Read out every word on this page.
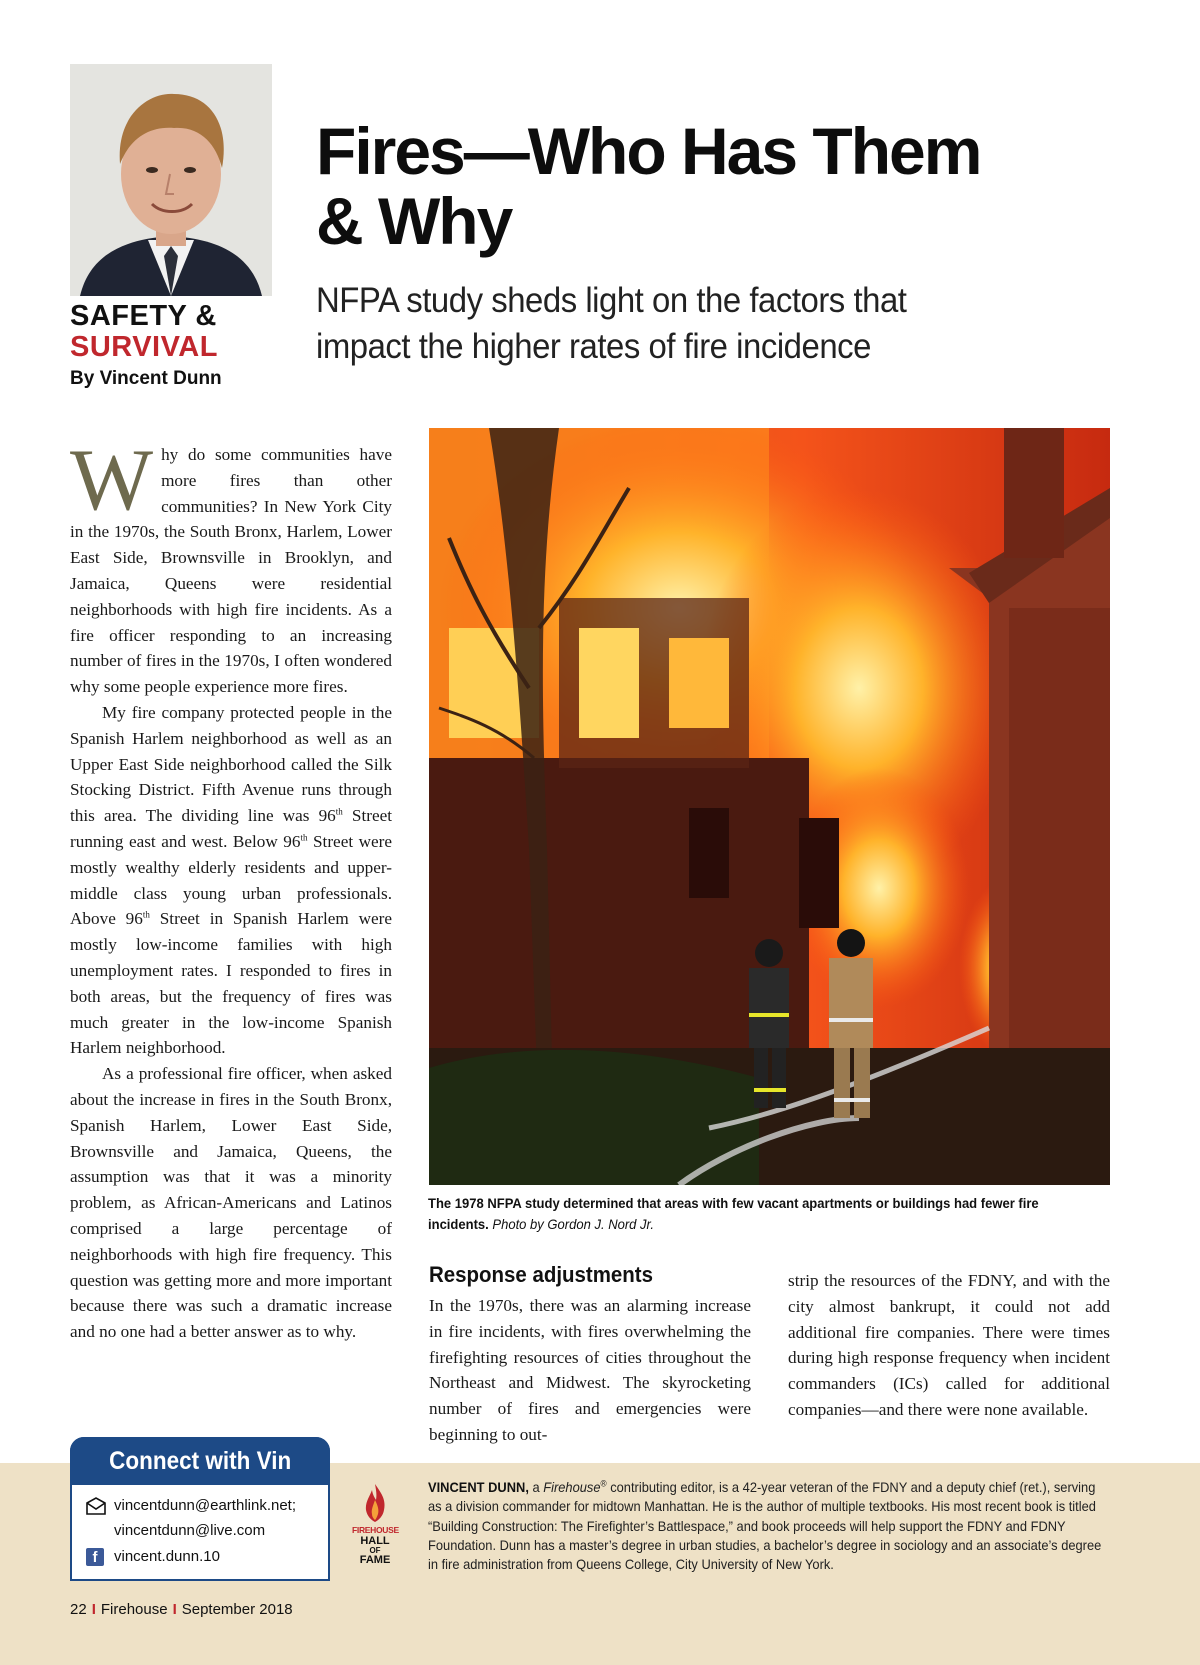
SAFETY &
SURVIVAL
By Vincent Dunn
Fires—Who Has Them
& Why

NFPA study sheds light on the factors that
impact the higher rates of fire incidence

Why do some communities have more fires than other communities? In New York City in the 1970s, the South Bronx, Harlem, Lower East Side, Brownsville in Brooklyn, and Jamaica, Queens were residential neighborhoods with high fire incidents. As a fire officer responding to an increasing number of fires in the 1970s, I often wondered why some people experience more fires.

My fire company protected people in the Spanish Harlem neighborhood as well as an Upper East Side neighborhood called the Silk Stocking District. Fifth Avenue runs through this area. The dividing line was 96th Street running east and west. Below 96th Street were mostly wealthy elderly residents and upper-middle class young urban professionals. Above 96th Street in Spanish Harlem were mostly low-income families with high unemployment rates. I responded to fires in both areas, but the frequency of fires was much greater in the low-income Spanish Harlem neighborhood.

As a professional fire officer, when asked about the increase in fires in the South Bronx, Spanish Harlem, Lower East Side, Brownsville and Jamaica, Queens, the assumption was that it was a minority problem, as African-Americans and Latinos comprised a large percentage of neighborhoods with high fire frequency. This question was getting more and more important because there was such a dramatic increase and no one had a better answer as to why.

The 1978 NFPA study determined that areas with few vacant apartments or buildings had fewer fire incidents. Photo by Gordon J. Nord Jr.

Response adjustments

In the 1970s, there was an alarming increase in fire incidents, with fires overwhelming the firefighting resources of cities throughout the Northeast and Midwest. The skyrocketing number of fires and emergencies were beginning to out-

strip the resources of the FDNY, and with the city almost bankrupt, it could not add additional fire companies. There were times during high response frequency when incident commanders (ICs) called for additional companies—and there were none available.

Connect with Vin
vincentdunn@earthlink.net;
vincentdunn@live.com
f	vincent.dunn.10
FIREHOUSE
HALL
OF
FAME

VINCENT DUNN, a Firehouse® contributing editor, is a 42-year veteran of the FDNY and a deputy chief (ret.), serving as a division commander for midtown Manhattan. He is the author of multiple textbooks. His most recent book is titled “Building Construction: The Firefighter’s Battlespace,” and book proceeds will help support the FDNY and FDNY Foundation. Dunn has a master’s degree in urban studies, a bachelor’s degree in sociology and an associate’s degree in fire administration from Queens College, City University of New York.

22 I Firehouse I September 2018
